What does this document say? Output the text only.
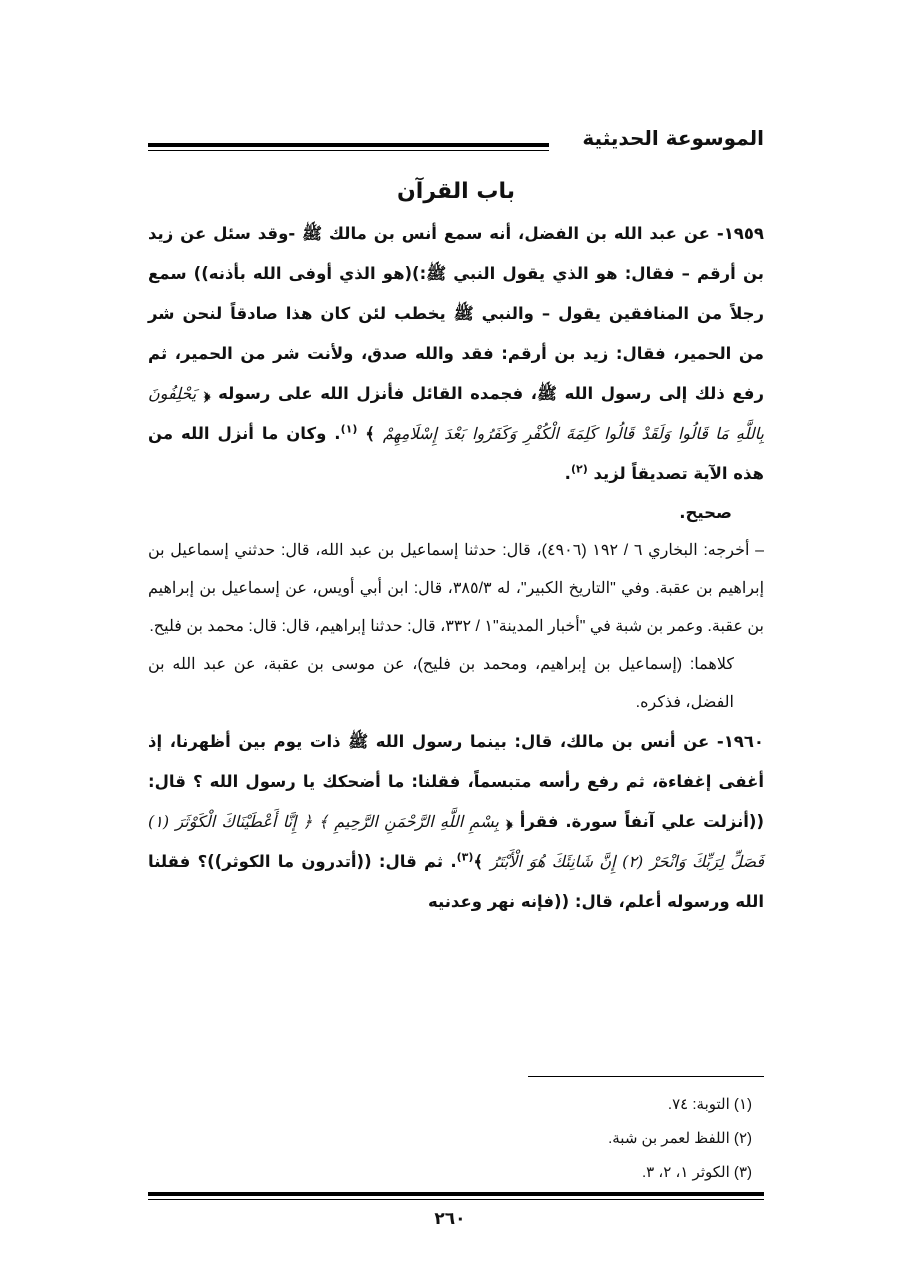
الموسوعة الحديثية
باب القرآن

١٩٥٩- عن عبد الله بن الفضل، أنه سمع أنس بن مالك ﷺ -وقد سئل عن زيد بن أرقم – فقال: هو الذي يقول النبي ﷺ:)(هو الذي أوفى الله بأذنه)) سمع رجلاً من المنافقين يقول – والنبي ﷺ يخطب لئن كان هذا صادقاً لنحن شر من الحمير، فقال: زيد بن أرقم: فقد والله صدق، ولأنت شر من الحمير، ثم رفع ذلك إلى رسول الله ﷺ، فجمده القائل فأنزل الله على رسوله ﴿ يَحْلِفُونَ بِاللَّهِ مَا قَالُوا وَلَقَدْ قَالُوا كَلِمَةَ الْكُفْرِ وَكَفَرُوا بَعْدَ إِسْلَامِهِمْ ﴾ $^{(١)}$. وكان ما أنزل الله من هذه الآية تصديقاً لزيد $^{(٢)}$.

صحيح.

– أخرجه: البخاري ٦ / ١٩٢ (٤٩٠٦)، قال: حدثنا إسماعيل بن عبد الله، قال: حدثني إسماعيل بن إبراهيم بن عقبة. وفي "التاريخ الكبير"، له ٣٨٥/٣، قال: ابن أبي أويس، عن إسماعيل بن إبراهيم بن عقبة. وعمر بن شبة في "أخبار المدينة"١ / ٣٣٢، قال: حدثنا إبراهيم، قال: قال: محمد بن فليح.

كلاهما: (إسماعيل بن إبراهيم، ومحمد بن فليح)، عن موسى بن عقبة، عن عبد الله بن الفضل، فذكره.

١٩٦٠- عن أنس بن مالك، قال: بينما رسول الله ﷺ ذات يوم بين أظهرنا، إذ أغفى إغفاءة، ثم رفع رأسه متبسماً، فقلنا: ما أضحكك يا رسول الله ؟ قال: ((أنزلت علي آنفاً سورة. فقرأ ﴿ بِسْمِ اللَّهِ الرَّحْمَنِ الرَّحِيمِ ﴾ ﴿ إِنَّا أَعْطَيْنَاكَ الْكَوْثَرَ (١) فَصَلِّ لِرَبِّكَ وَانْحَرْ (٢) إِنَّ شَانِئَكَ هُوَ الْأَبْتَرُ ﴾$^{(٣)}$. ثم قال: ((أتدرون ما الكوثر))؟ فقلنا الله ورسوله أعلم، قال: ((فإنه نهر وعدنيه

(١) التوبة: ٧٤.
(٢) اللفظ لعمر بن شبة.
(٣) الكوثر ١، ٢، ٣.
٢٦٠
